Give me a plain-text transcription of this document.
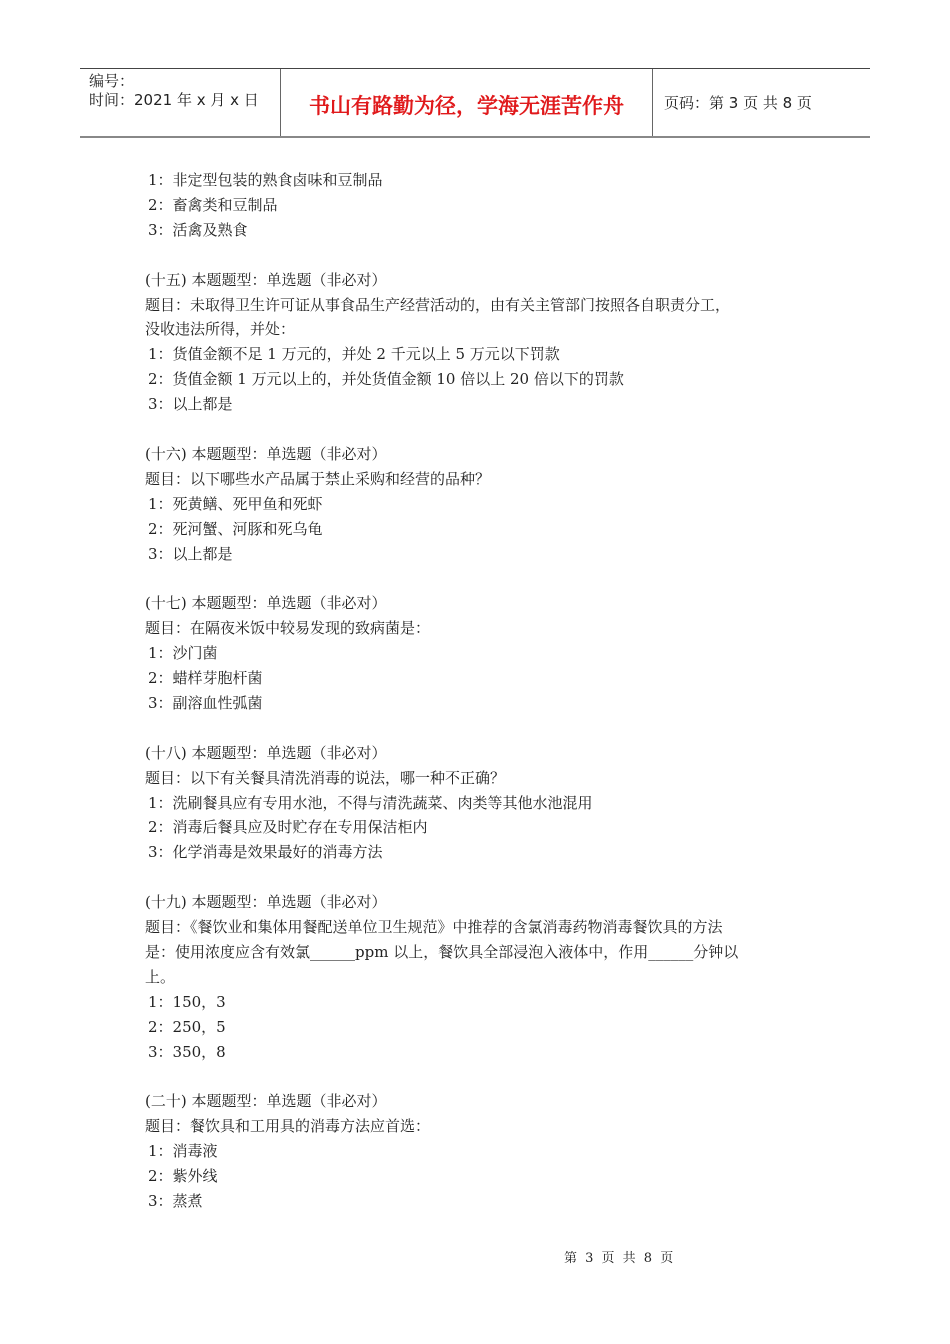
编号：
时间：2021 年 x 月 x 日	书山有路勤为径，学海无涯苦作舟	页码：第 3 页 共 8 页
1：非定型包装的熟食卤味和豆制品
2：畜禽类和豆制品
3：活禽及熟食
(十五) 本题题型：单选题（非必对）
题目：未取得卫生许可证从事食品生产经营活动的，由有关主管部门按照各自职责分工，
没收违法所得，并处：
1：货值金额不足 1 万元的，并处 2 千元以上 5 万元以下罚款
2：货值金额 1 万元以上的，并处货值金额 10 倍以上 20 倍以下的罚款
3：以上都是
(十六) 本题题型：单选题（非必对）
题目：以下哪些水产品属于禁止采购和经营的品种？
1：死黄鳝、死甲鱼和死虾
2：死河蟹、河豚和死乌龟
3：以上都是
(十七) 本题题型：单选题（非必对）
题目：在隔夜米饭中较易发现的致病菌是：
1：沙门菌
2：蜡样芽胞杆菌
3：副溶血性弧菌
(十八) 本题题型：单选题（非必对）
题目：以下有关餐具清洗消毒的说法，哪一种不正确？
1：洗刷餐具应有专用水池，不得与清洗蔬菜、肉类等其他水池混用
2：消毒后餐具应及时贮存在专用保洁柜内
3：化学消毒是效果最好的消毒方法
(十九) 本题题型：单选题（非必对）
题目：《餐饮业和集体用餐配送单位卫生规范》中推荐的含氯消毒药物消毒餐饮具的方法
是：使用浓度应含有效氯______ppm 以上，餐饮具全部浸泡入液体中，作用______分钟以
上。
1：150，3
2：250，5
3：350，8
(二十) 本题题型：单选题（非必对）
题目：餐饮具和工用具的消毒方法应首选：
1：消毒液
2：紫外线
3：蒸煮
第 3 页 共 8 页
